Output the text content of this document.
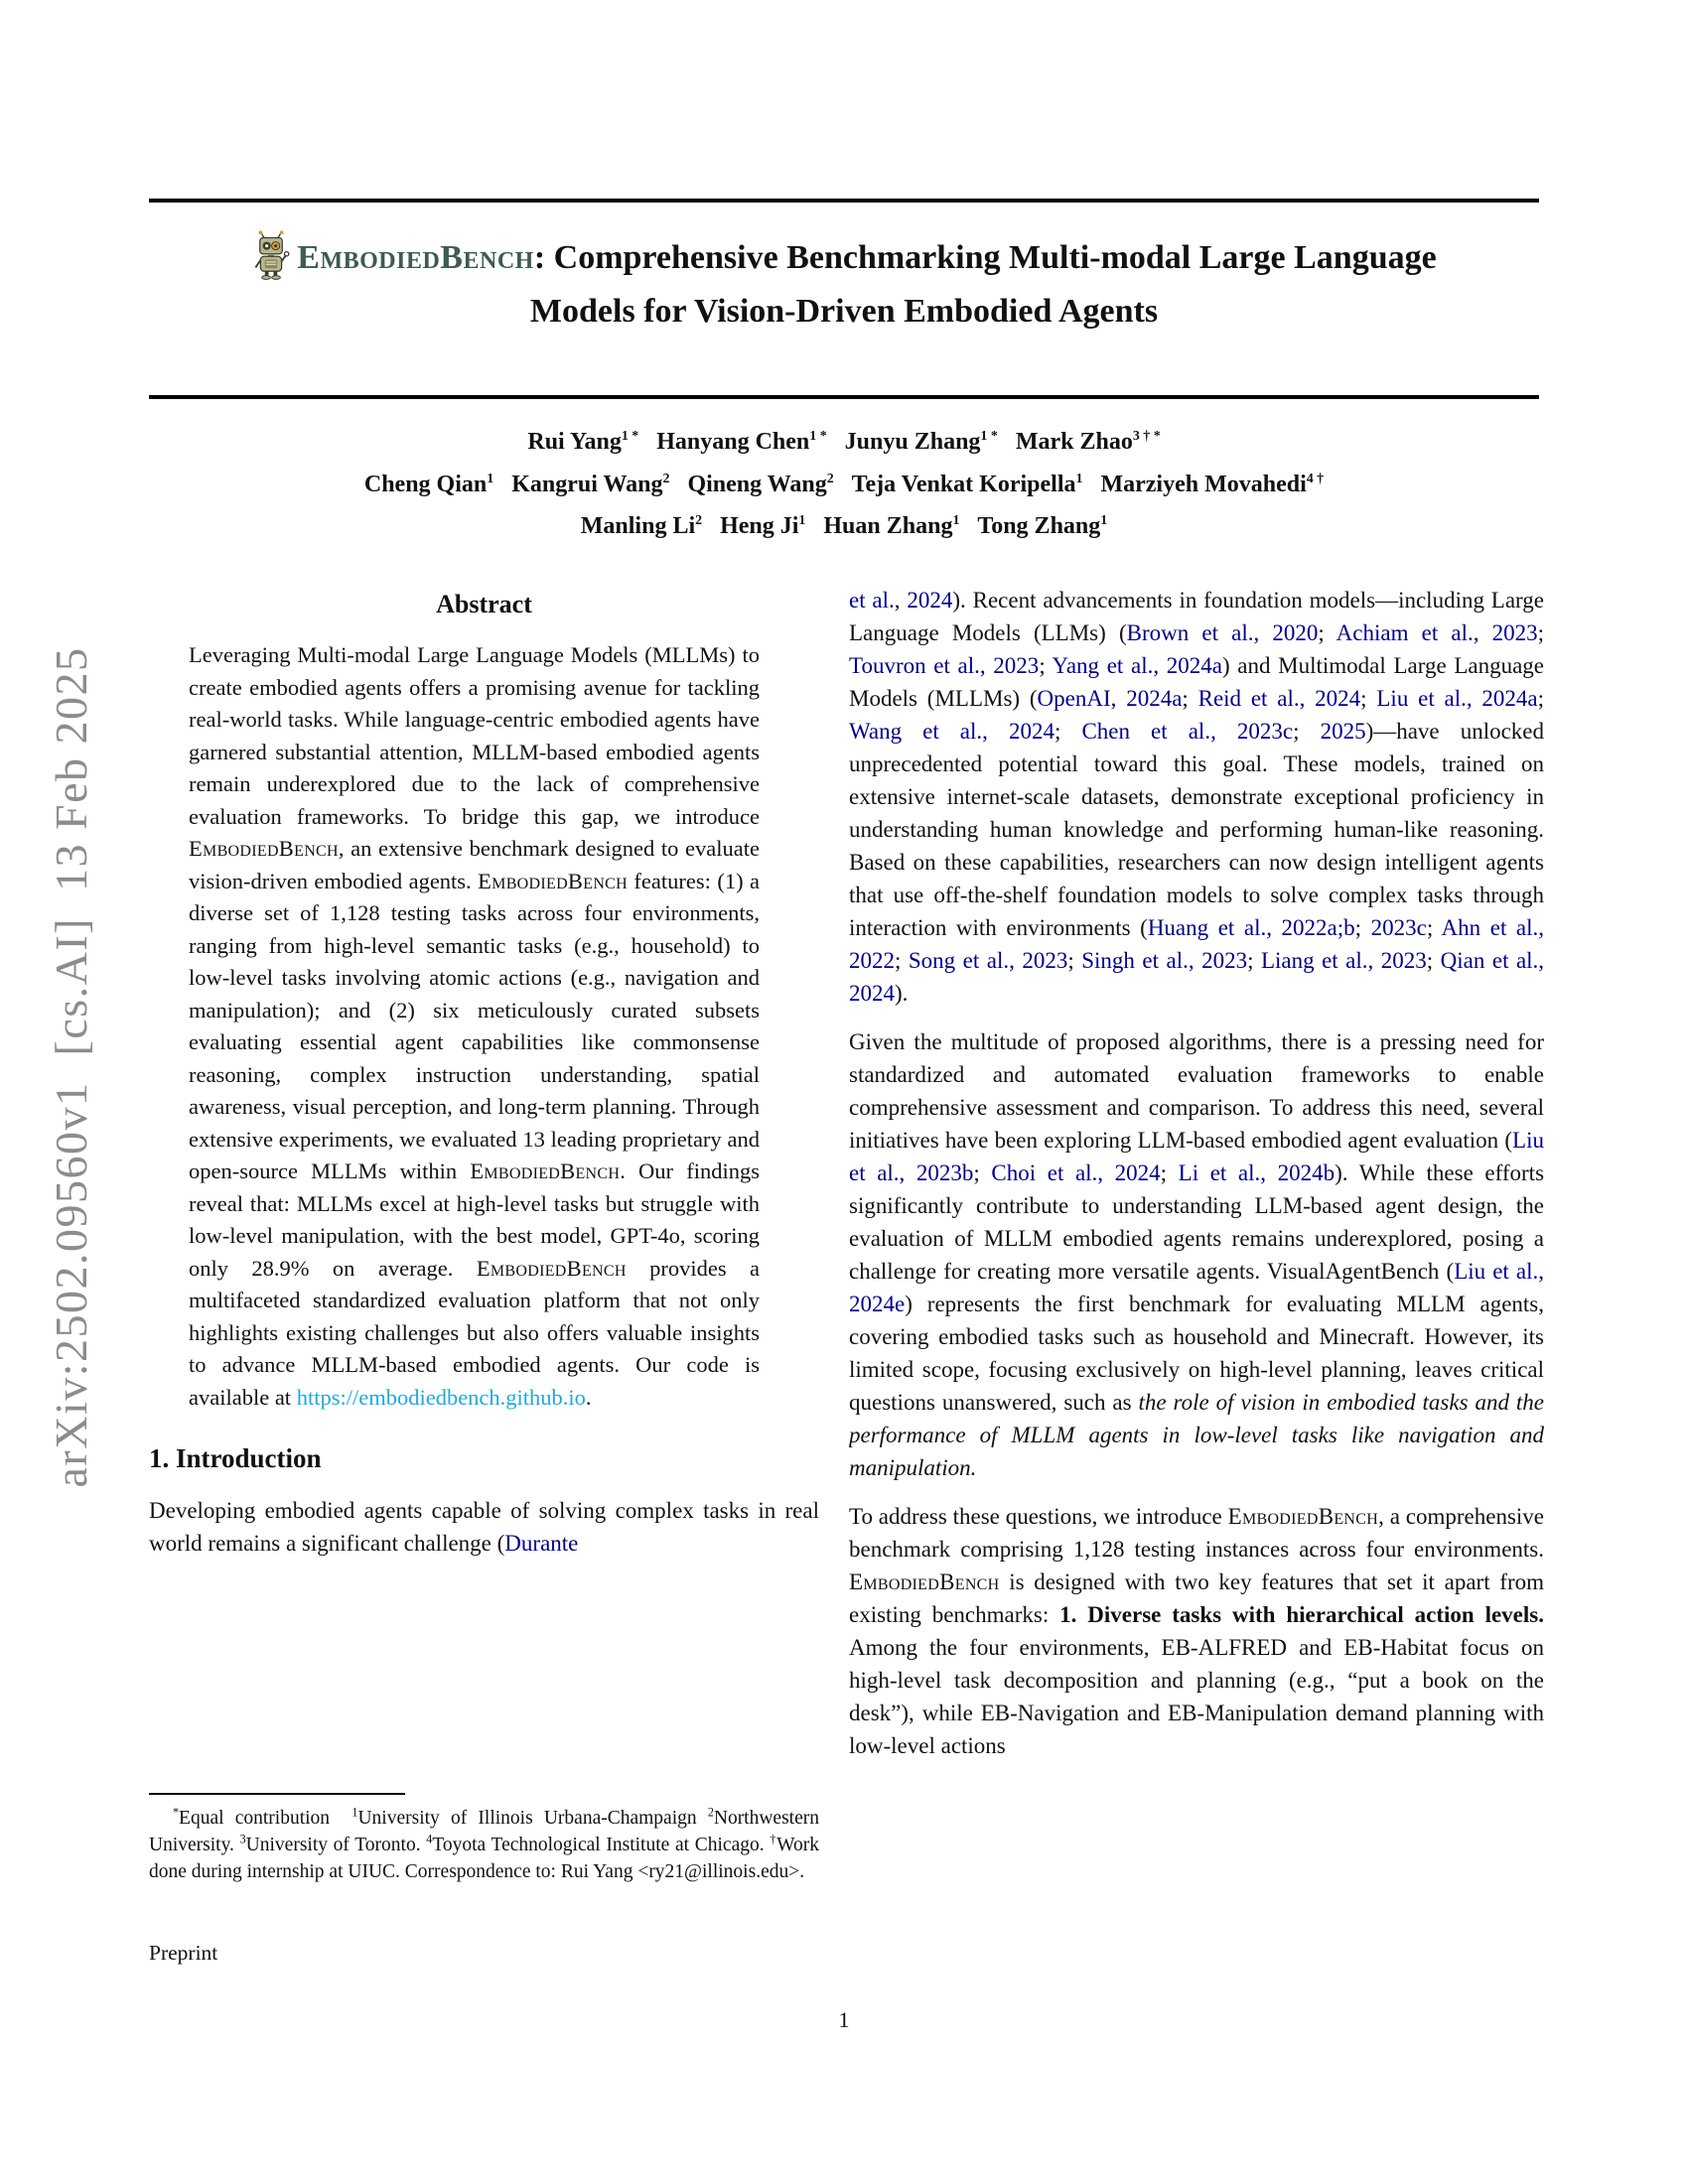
arXiv:2502.09560v1  [cs.AI]  13 Feb 2025
EmbodiedBench: Comprehensive Benchmarking Multi-modal Large Language Models for Vision-Driven Embodied Agents
Rui Yang$^{1 *}$ Hanyang Chen$^{1 *}$ Junyu Zhang$^{1 *}$ Mark Zhao$^{3 \dagger *}$
Cheng Qian$^1$ Kangrui Wang$^2$ Qineng Wang$^2$ Teja Venkat Koripella$^1$ Marziyeh Movahedi$^{4 \dagger}$
Manling Li$^2$ Heng Ji$^1$ Huan Zhang$^1$ Tong Zhang$^1$
Abstract
Leveraging Multi-modal Large Language Models (MLLMs) to create embodied agents offers a promising avenue for tackling real-world tasks. While language-centric embodied agents have garnered substantial attention, MLLM-based embodied agents remain underexplored due to the lack of comprehensive evaluation frameworks. To bridge this gap, we introduce EmbodiedBench, an extensive benchmark designed to evaluate vision-driven embodied agents. EmbodiedBench features: (1) a diverse set of 1,128 testing tasks across four environments, ranging from high-level semantic tasks (e.g., household) to low-level tasks involving atomic actions (e.g., navigation and manipulation); and (2) six meticulously curated subsets evaluating essential agent capabilities like commonsense reasoning, complex instruction understanding, spatial awareness, visual perception, and long-term planning. Through extensive experiments, we evaluated 13 leading proprietary and open-source MLLMs within EmbodiedBench. Our findings reveal that: MLLMs excel at high-level tasks but struggle with low-level manipulation, with the best model, GPT-4o, scoring only 28.9% on average. EmbodiedBench provides a multifaceted standardized evaluation platform that not only highlights existing challenges but also offers valuable insights to advance MLLM-based embodied agents. Our code is available at https://embodiedbench.github.io.
1. Introduction
Developing embodied agents capable of solving complex tasks in real world remains a significant challenge (Durante
et al., 2024). Recent advancements in foundation models—including Large Language Models (LLMs) (Brown et al., 2020; Achiam et al., 2023; Touvron et al., 2023; Yang et al., 2024a) and Multimodal Large Language Models (MLLMs) (OpenAI, 2024a; Reid et al., 2024; Liu et al., 2024a; Wang et al., 2024; Chen et al., 2023c; 2025)—have unlocked unprecedented potential toward this goal. These models, trained on extensive internet-scale datasets, demonstrate exceptional proficiency in understanding human knowledge and performing human-like reasoning. Based on these capabilities, researchers can now design intelligent agents that use off-the-shelf foundation models to solve complex tasks through interaction with environments (Huang et al., 2022a;b; 2023c; Ahn et al., 2022; Song et al., 2023; Singh et al., 2023; Liang et al., 2023; Qian et al., 2024).
Given the multitude of proposed algorithms, there is a pressing need for standardized and automated evaluation frameworks to enable comprehensive assessment and comparison. To address this need, several initiatives have been exploring LLM-based embodied agent evaluation (Liu et al., 2023b; Choi et al., 2024; Li et al., 2024b). While these efforts significantly contribute to understanding LLM-based agent design, the evaluation of MLLM embodied agents remains underexplored, posing a challenge for creating more versatile agents. VisualAgentBench (Liu et al., 2024e) represents the first benchmark for evaluating MLLM agents, covering embodied tasks such as household and Minecraft. However, its limited scope, focusing exclusively on high-level planning, leaves critical questions unanswered, such as the role of vision in embodied tasks and the performance of MLLM agents in low-level tasks like navigation and manipulation.
To address these questions, we introduce EmbodiedBench, a comprehensive benchmark comprising 1,128 testing instances across four environments. EmbodiedBench is designed with two key features that set it apart from existing benchmarks: 1. Diverse tasks with hierarchical action levels. Among the four environments, EB-ALFRED and EB-Habitat focus on high-level task decomposition and planning (e.g., “put a book on the desk”), while EB-Navigation and EB-Manipulation demand planning with low-level actions
*Equal contribution  $^1$University of Illinois Urbana-Champaign $^2$Northwestern University. $^3$University of Toronto. $^4$Toyota Technological Institute at Chicago. †Work done during internship at UIUC. Correspondence to: Rui Yang <ry21@illinois.edu>.
Preprint
1
